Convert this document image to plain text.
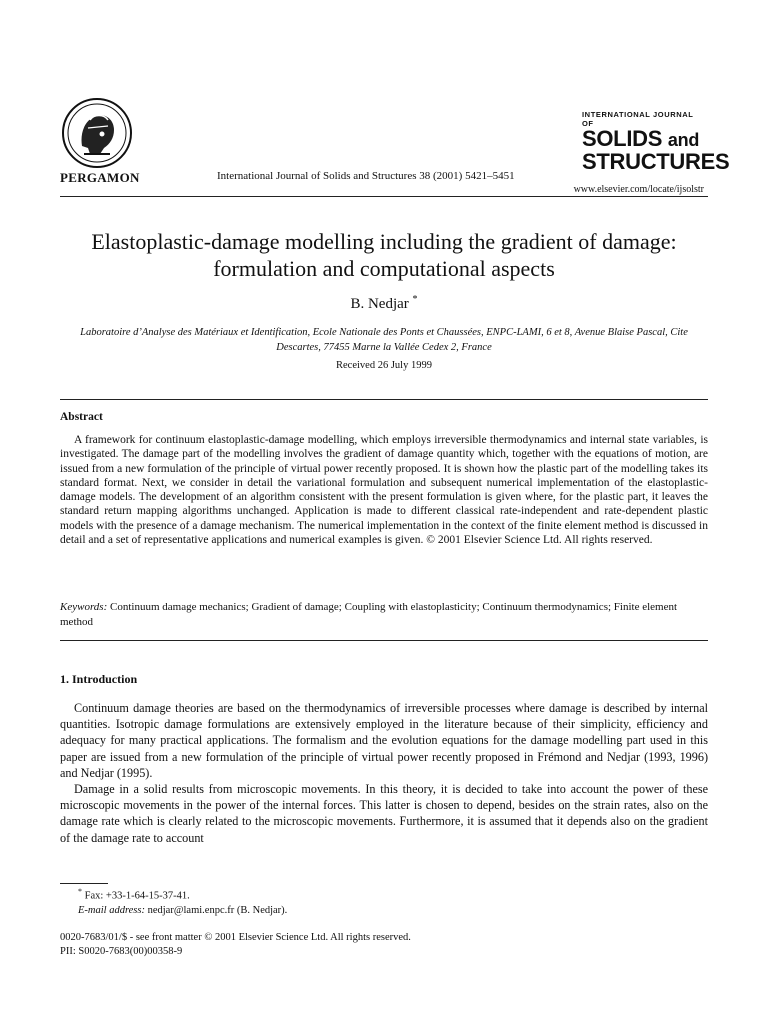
PERGAMON	International Journal of Solids and Structures 38 (2001) 5421–5451
INTERNATIONAL JOURNAL OF
SOLIDS and
STRUCTURES
www.elsevier.com/locate/ijsolstr
Elastoplastic-damage modelling including the gradient of damage: formulation and computational aspects
B. Nedjar *
Laboratoire d’Analyse des Matériaux et Identification, Ecole Nationale des Ponts et Chaussées, ENPC-LAMI, 6 et 8, Avenue Blaise Pascal, Cite Descartes, 77455 Marne la Vallée Cedex 2, France
Received 26 July 1999
Abstract

A framework for continuum elastoplastic-damage modelling, which employs irreversible thermodynamics and internal state variables, is investigated. The damage part of the modelling involves the gradient of damage quantity which, together with the equations of motion, are issued from a new formulation of the principle of virtual power recently proposed. It is shown how the plastic part of the modelling takes its standard format. Next, we consider in detail the variational formulation and subsequent numerical implementation of the elastoplastic-damage models. The development of an algorithm consistent with the present formulation is given where, for the plastic part, it leaves the standard return mapping algorithms unchanged. Application is made to different classical rate-independent and rate-dependent plastic models with the presence of a damage mechanism. The numerical implementation in the context of the finite element method is discussed in detail and a set of representative applications and numerical examples is given. © 2001 Elsevier Science Ltd. All rights reserved.

Keywords: Continuum damage mechanics; Gradient of damage; Coupling with elastoplasticity; Continuum thermodynamics; Finite element method
1. Introduction

Continuum damage theories are based on the thermodynamics of irreversible processes where damage is described by internal quantities. Isotropic damage formulations are extensively employed in the literature because of their simplicity, efficiency and adequacy for many practical applications. The formalism and the evolution equations for the damage modelling part used in this paper are issued from a new formulation of the principle of virtual power recently proposed in Frémond and Nedjar (1993, 1996) and Nedjar (1995).

Damage in a solid results from microscopic movements. In this theory, it is decided to take into account the power of these microscopic movements in the power of the internal forces. This latter is chosen to depend, besides on the strain rates, also on the damage rate which is clearly related to the microscopic movements. Furthermore, it is assumed that it depends also on the gradient of the damage rate to account

* Fax: +33-1-64-15-37-41.
E-mail address: nedjar@lami.enpc.fr (B. Nedjar).
0020-7683/01/$ - see front matter © 2001 Elsevier Science Ltd. All rights reserved.
PII: S0020-7683(00)00358-9
